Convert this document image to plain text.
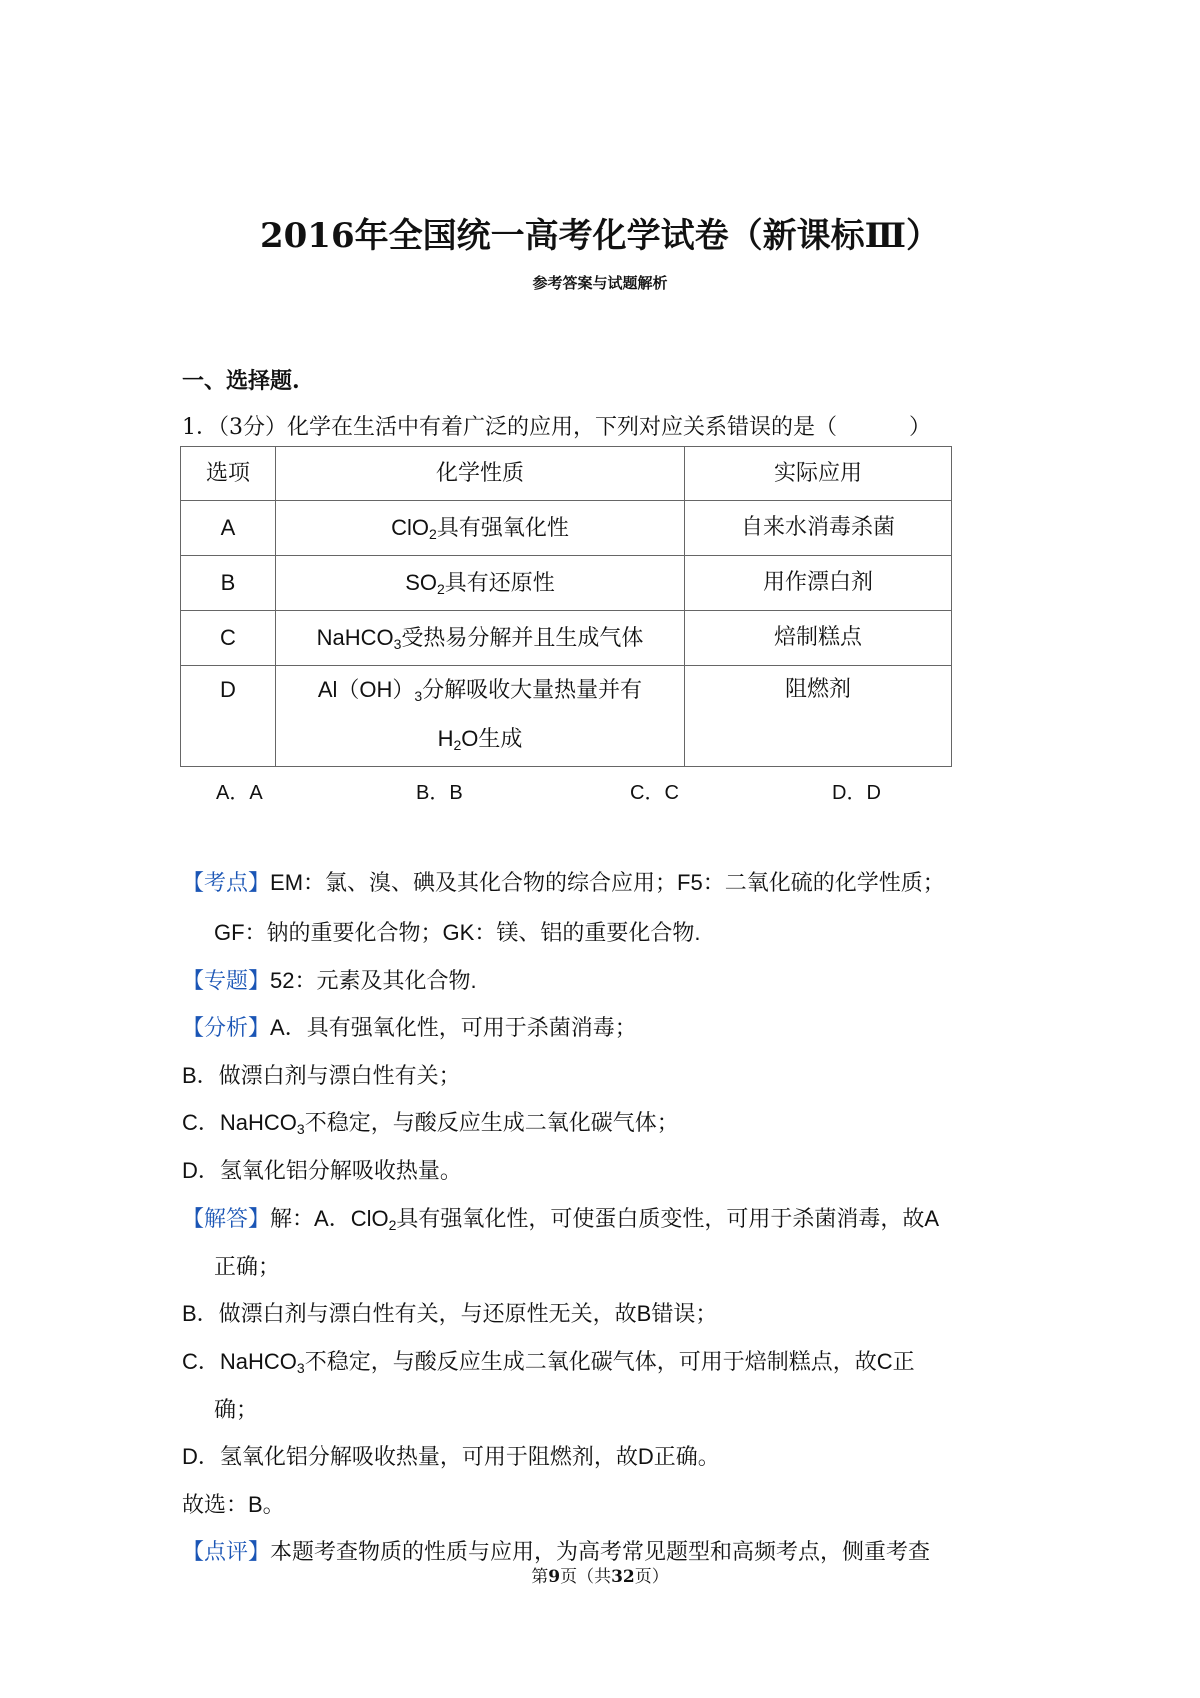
2016年全国统一高考化学试卷（新课标Ⅲ）
参考答案与试题解析
一、选择题.
1．（3分）化学在生活中有着广泛的应用，下列对应关系错误的是（	）
选项	化学性质	实际应用
A	ClO$_2$具有强氧化性	自来水消毒杀菌
B	$SO_2$具有还原性	用作漂白剂
C	NaHCO$_3$受热易分解并且生成气体	焙制糕点
D	$Al(OH)_3$分解吸收大量热量并有
$H_2O$生成	阻燃剂
A．A	B．B	C．C	D．D
【考点】EM：氯、溴、碘及其化合物的综合应用；F5：二氧化硫的化学性质；
GF：钠的重要化合物；GK：镁、铝的重要化合物.
【专题】52：元素及其化合物.
【分析】A．具有强氧化性，可用于杀菌消毒；
B．做漂白剂与漂白性有关；
C．NaHCO$_3$不稳定，与酸反应生成二氧化碳气体；
D．氢氧化铝分解吸收热量。
【解答】解：A．ClO$_2$具有强氧化性，可使蛋白质变性，可用于杀菌消毒，故A
正确；
B．做漂白剂与漂白性有关，与还原性无关，故B错误；
C．NaHCO$_3$不稳定，与酸反应生成二氧化碳气体，可用于焙制糕点，故C正
确；
D．氢氧化铝分解吸收热量，可用于阻燃剂，故D正确。
故选：B。
【点评】本题考查物质的性质与应用，为高考常见题型和高频考点，侧重考查
第9页（共32页）
